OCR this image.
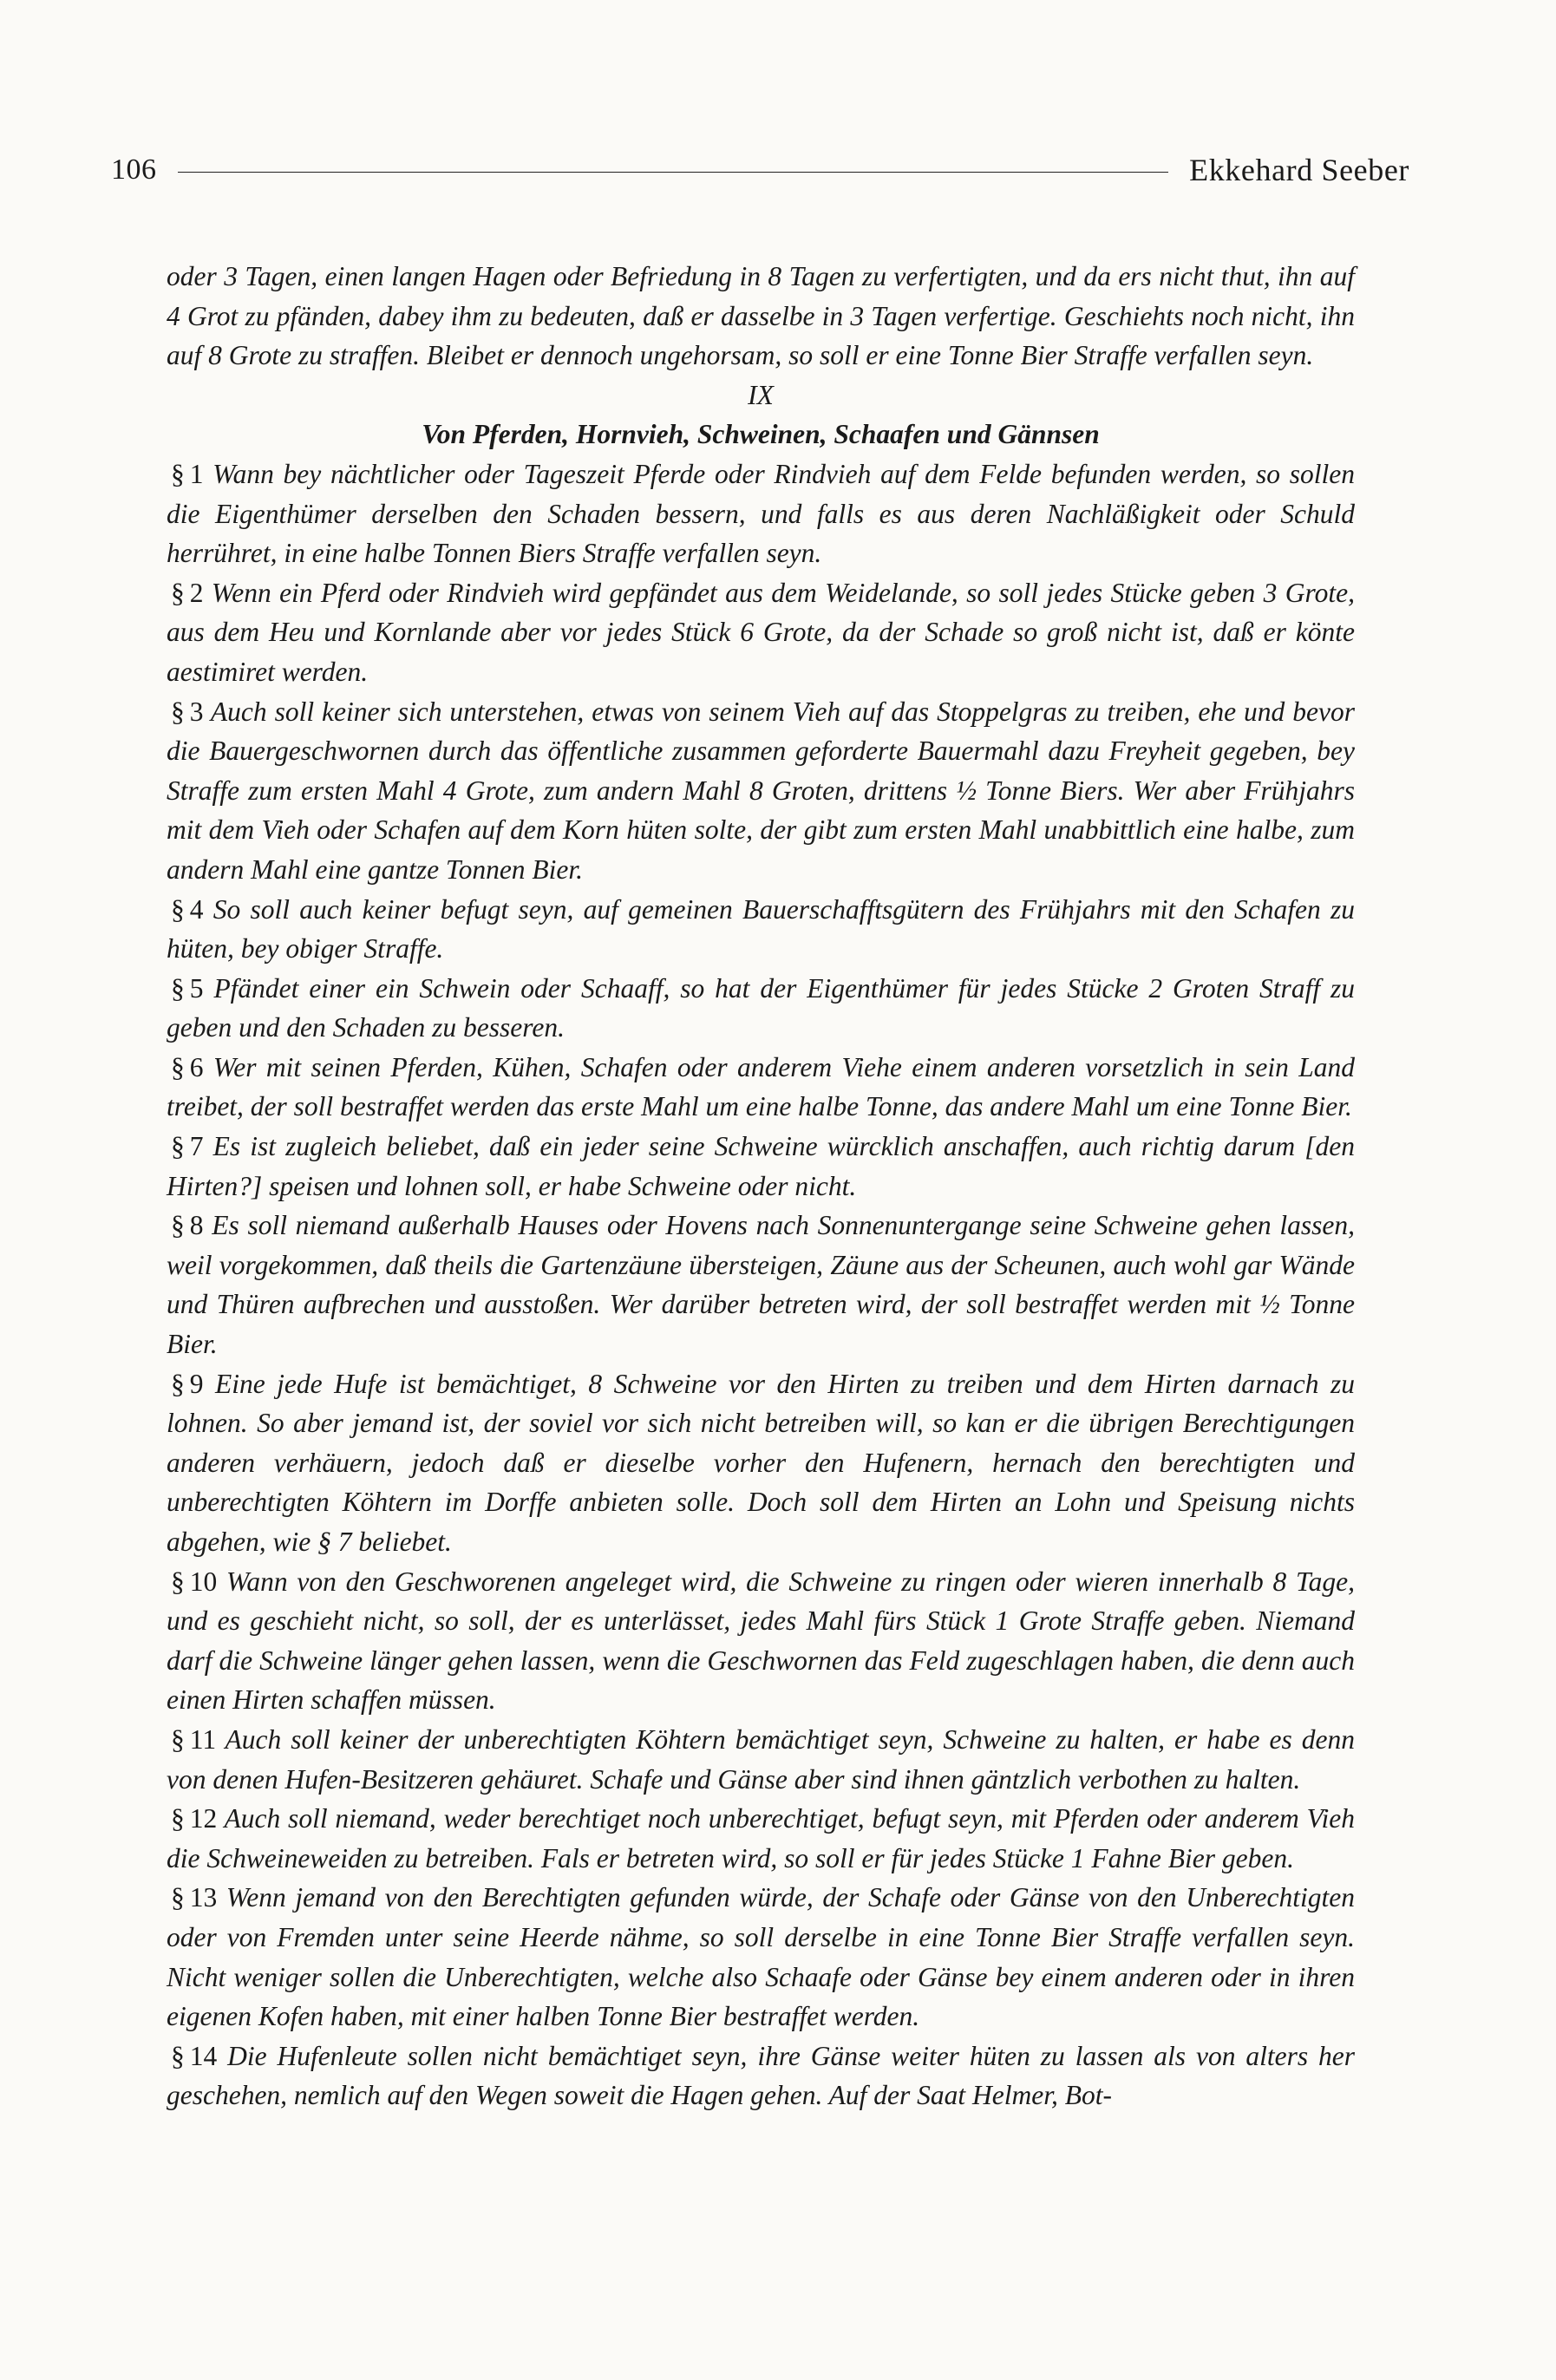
106	Ekkehard Seeber

oder 3 Tagen, einen langen Hagen oder Befriedung in 8 Tagen zu verfertigten, und da ers nicht thut, ihn auf 4 Grot zu pfänden, dabey ihm zu bedeuten, daß er dasselbe in 3 Tagen verfertige. Geschiehts noch nicht, ihn auf 8 Grote zu straffen. Bleibet er dennoch ungehorsam, so soll er eine Tonne Bier Straffe verfallen seyn.

IX

Von Pferden, Hornvieh, Schweinen, Schaafen und Gännsen

§ 1 Wann bey nächtlicher oder Tageszeit Pferde oder Rindvieh auf dem Felde befunden werden, so sollen die Eigenthümer derselben den Schaden bessern, und falls es aus deren Nachläßigkeit oder Schuld herrühret, in eine halbe Tonnen Biers Straffe verfallen seyn.

§ 2 Wenn ein Pferd oder Rindvieh wird gepfändet aus dem Weidelande, so soll jedes Stücke geben 3 Grote, aus dem Heu und Kornlande aber vor jedes Stück 6 Grote, da der Schade so groß nicht ist, daß er könte aestimiret werden.

§ 3 Auch soll keiner sich unterstehen, etwas von seinem Vieh auf das Stoppelgras zu treiben, ehe und bevor die Bauergeschwornen durch das öffentliche zusammen geforderte Bauermahl dazu Freyheit gegeben, bey Straffe zum ersten Mahl 4 Grote, zum andern Mahl 8 Groten, drittens ½ Tonne Biers. Wer aber Frühjahrs mit dem Vieh oder Schafen auf dem Korn hüten solte, der gibt zum ersten Mahl unabbittlich eine halbe, zum andern Mahl eine gantze Tonnen Bier.

§ 4 So soll auch keiner befugt seyn, auf gemeinen Bauerschafftsgütern des Frühjahrs mit den Schafen zu hüten, bey obiger Straffe.

§ 5 Pfändet einer ein Schwein oder Schaaff, so hat der Eigenthümer für jedes Stücke 2 Groten Straff zu geben und den Schaden zu besseren.

§ 6 Wer mit seinen Pferden, Kühen, Schafen oder anderem Viehe einem anderen vorsetzlich in sein Land treibet, der soll bestraffet werden das erste Mahl um eine halbe Tonne, das andere Mahl um eine Tonne Bier.

§ 7 Es ist zugleich beliebet, daß ein jeder seine Schweine würcklich anschaffen, auch richtig darum [den Hirten?] speisen und lohnen soll, er habe Schweine oder nicht.

§ 8 Es soll niemand außerhalb Hauses oder Hovens nach Sonnenuntergange seine Schweine gehen lassen, weil vorgekommen, daß theils die Gartenzäune übersteigen, Zäune aus der Scheunen, auch wohl gar Wände und Thüren aufbrechen und ausstoßen. Wer darüber betreten wird, der soll bestraffet werden mit ½ Tonne Bier.

§ 9 Eine jede Hufe ist bemächtiget, 8 Schweine vor den Hirten zu treiben und dem Hirten darnach zu lohnen. So aber jemand ist, der soviel vor sich nicht betreiben will, so kan er die übrigen Berechtigungen anderen verhäuern, jedoch daß er dieselbe vorher den Hufenern, hernach den berechtigten und unberechtigten Köhtern im Dorffe anbieten solle. Doch soll dem Hirten an Lohn und Speisung nichts abgehen, wie § 7 beliebet.

§ 10 Wann von den Geschworenen angeleget wird, die Schweine zu ringen oder wieren innerhalb 8 Tage, und es geschieht nicht, so soll, der es unterlässet, jedes Mahl fürs Stück 1 Grote Straffe geben. Niemand darf die Schweine länger gehen lassen, wenn die Geschwornen das Feld zugeschlagen haben, die denn auch einen Hirten schaffen müssen.

§ 11 Auch soll keiner der unberechtigten Köhtern bemächtiget seyn, Schweine zu halten, er habe es denn von denen Hufen-Besitzeren gehäuret. Schafe und Gänse aber sind ihnen gäntzlich verbothen zu halten.

§ 12 Auch soll niemand, weder berechtiget noch unberechtiget, befugt seyn, mit Pferden oder anderem Vieh die Schweineweiden zu betreiben. Fals er betreten wird, so soll er für jedes Stücke 1 Fahne Bier geben.

§ 13 Wenn jemand von den Berechtigten gefunden würde, der Schafe oder Gänse von den Unberechtigten oder von Fremden unter seine Heerde nähme, so soll derselbe in eine Tonne Bier Straffe verfallen seyn. Nicht weniger sollen die Unberechtigten, welche also Schaafe oder Gänse bey einem anderen oder in ihren eigenen Kofen haben, mit einer halben Tonne Bier bestraffet werden.

§ 14 Die Hufenleute sollen nicht bemächtiget seyn, ihre Gänse weiter hüten zu lassen als von alters her geschehen, nemlich auf den Wegen soweit die Hagen gehen. Auf der Saat Helmer, Bot-
